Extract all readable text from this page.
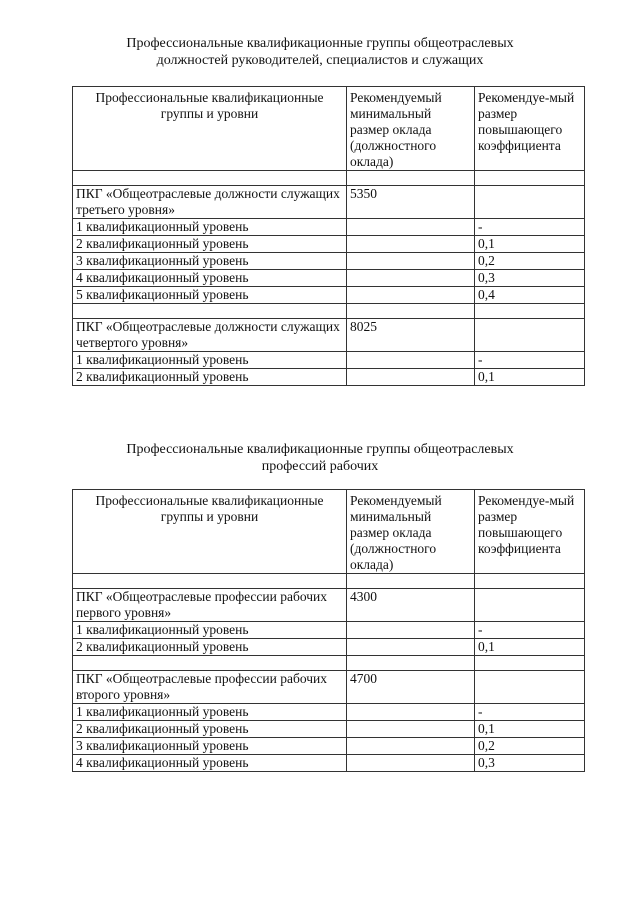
Профессиональные квалификационные группы общеотраслевых
должностей руководителей, специалистов и служащих
Профессиональные квалификационные группы и уровни	Рекомендуемый минимальный размер оклада (должностного оклада)	Рекомендуе-мый размер повышающего коэффициента

ПКГ «Общеотраслевые должности служащих третьего уровня»	5350	
1 квалификационный уровень		-
2 квалификационный уровень		0,1
3 квалификационный уровень		0,2
4 квалификационный уровень		0,3
5 квалификационный уровень		0,4

ПКГ «Общеотраслевые должности служащих четвертого уровня»	8025	
1 квалификационный уровень		-
2 квалификационный уровень		0,1
Профессиональные квалификационные группы общеотраслевых
профессий рабочих
Профессиональные квалификационные группы и уровни	Рекомендуемый минимальный размер оклада (должностного оклада)	Рекомендуе-мый размер повышающего коэффициента

ПКГ «Общеотраслевые профессии рабочих первого уровня»	4300	
1 квалификационный уровень		-
2 квалификационный уровень		0,1

ПКГ «Общеотраслевые профессии рабочих второго уровня»	4700	
1 квалификационный уровень		-
2 квалификационный уровень		0,1
3 квалификационный уровень		0,2
4 квалификационный уровень		0,3
